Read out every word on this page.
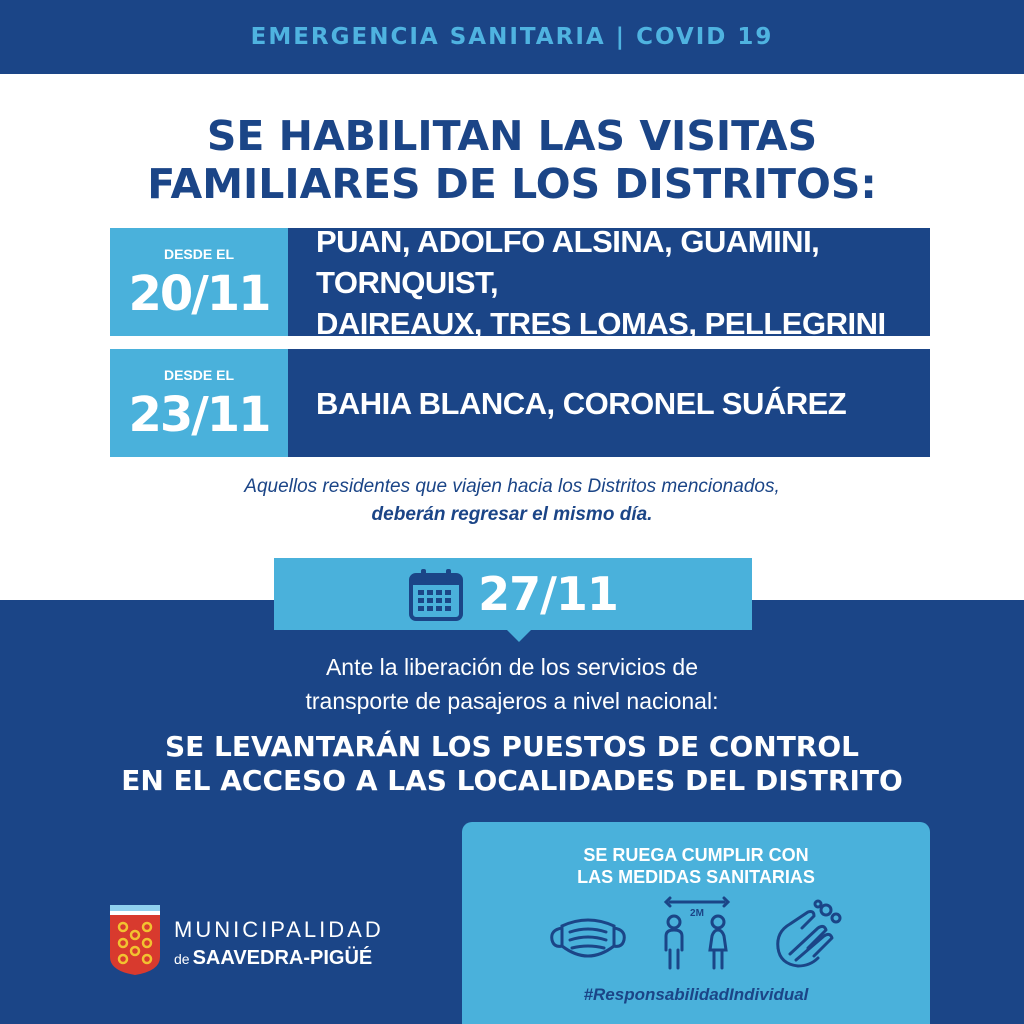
EMERGENCIA SANITARIA | COVID 19
SE HABILITAN LAS VISITAS
FAMILIARES DE LOS DISTRITOS:
DESDE EL
20/11
PUAN, ADOLFO ALSINA, GUAMINI, TORNQUIST,
DAIREAUX, TRES LOMAS, PELLEGRINI
DESDE EL
23/11	BAHIA BLANCA, CORONEL SUÁREZ
Aquellos residentes que viajen hacia los Distritos mencionados,
deberán regresar el mismo día.
27/11
Ante la liberación de los servicios de
transporte de pasajeros a nivel nacional:
SE LEVANTARÁN LOS PUESTOS DE CONTROL
EN EL ACCESO A LAS LOCALIDADES DEL DISTRITO
MUNICIPALIDAD
de SAAVEDRA-PIGÜÉ
SE RUEGA CUMPLIR CON
LAS MEDIDAS SANITARIAS
2M
#ResponsabilidadIndividual
